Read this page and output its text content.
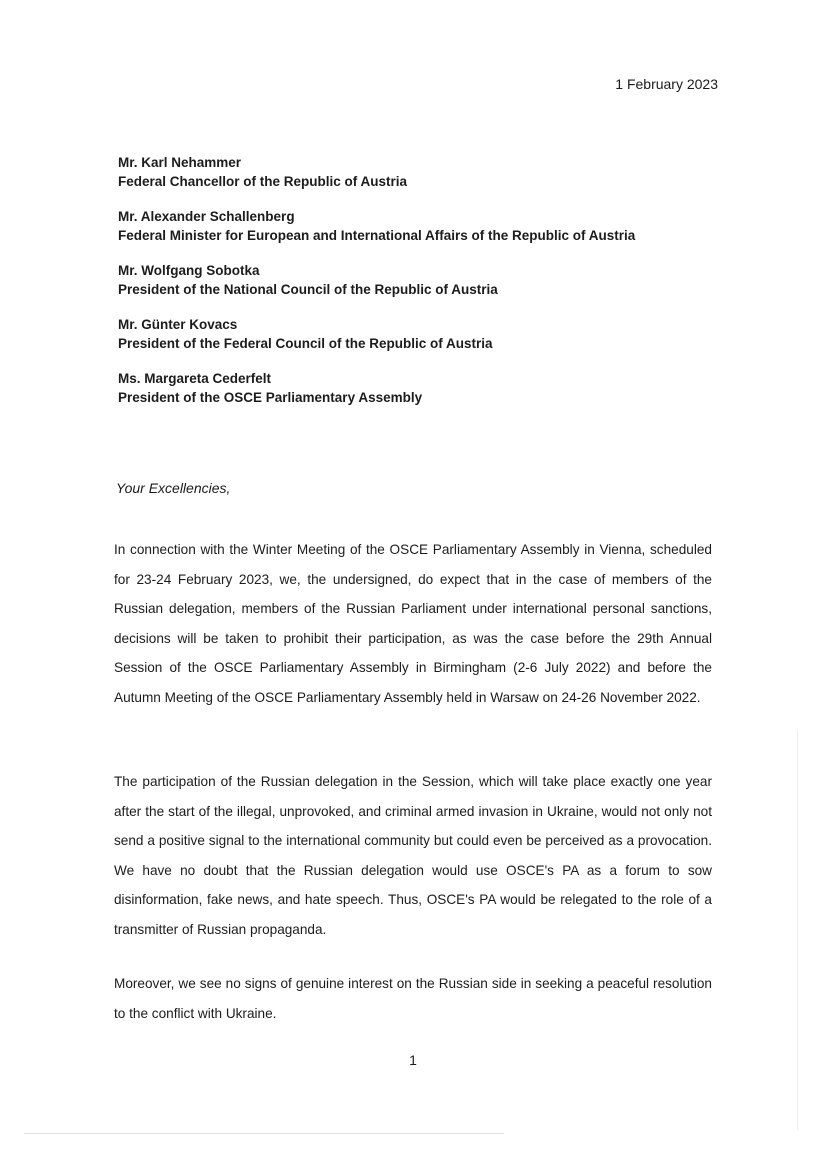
1 February 2023
Mr. Karl Nehammer
Federal Chancellor of the Republic of Austria
Mr. Alexander Schallenberg
Federal Minister for European and International Affairs of the Republic of Austria
Mr. Wolfgang Sobotka
President of the National Council of the Republic of Austria
Mr. Günter Kovacs
President of the Federal Council of the Republic of Austria
Ms. Margareta Cederfelt
President of the OSCE Parliamentary Assembly
Your Excellencies,

In connection with the Winter Meeting of the OSCE Parliamentary Assembly in Vienna, scheduled for 23-24 February 2023, we, the undersigned, do expect that in the case of members of the Russian delegation, members of the Russian Parliament under international personal sanctions, decisions will be taken to prohibit their participation, as was the case before the 29th Annual Session of the OSCE Parliamentary Assembly in Birmingham (2-6 July 2022) and before the Autumn Meeting of the OSCE Parliamentary Assembly held in Warsaw on 24-26 November 2022.

The participation of the Russian delegation in the Session, which will take place exactly one year after the start of the illegal, unprovoked, and criminal armed invasion in Ukraine, would not only not send a positive signal to the international community but could even be perceived as a provocation. We have no doubt that the Russian delegation would use OSCE's PA as a forum to sow disinformation, fake news, and hate speech. Thus, OSCE's PA would be relegated to the role of a transmitter of Russian propaganda.

Moreover, we see no signs of genuine interest on the Russian side in seeking a peaceful resolution to the conflict with Ukraine.

1
